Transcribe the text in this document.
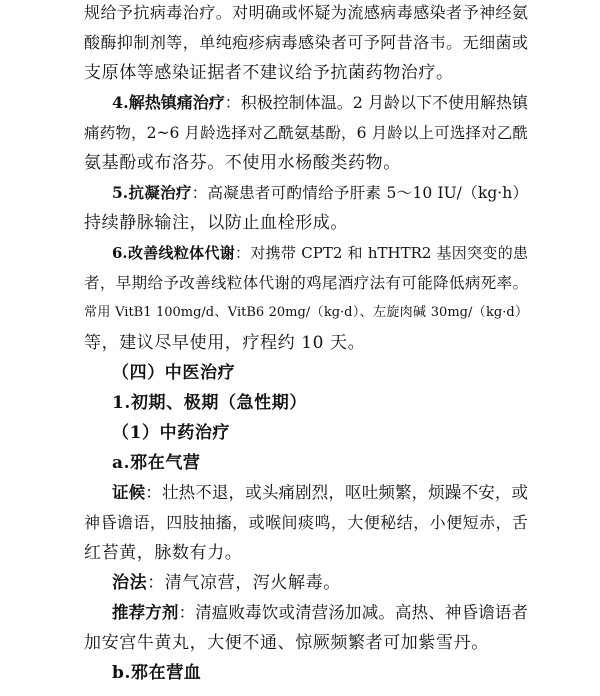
规给予抗病毒治疗。对明确或怀疑为流感病毒感染者予神经氨
酸酶抑制剂等，单纯疱疹病毒感染者可予阿昔洛韦。无细菌或
支原体等感染证据者不建议给予抗菌药物治疗。
4.解热镇痛治疗：积极控制体温。2 月龄以下不使用解热镇
痛药物，2~6 月龄选择对乙酰氨基酚，6 月龄以上可选择对乙酰
氨基酚或布洛芬。不使用水杨酸类药物。
5.抗凝治疗：高凝患者可酌情给予肝素 5～10 IU/（kg·h）
持续静脉输注，以防止血栓形成。
6.改善线粒体代谢：对携带 CPT2 和 hTHTR2 基因突变的患
者，早期给予改善线粒体代谢的鸡尾酒疗法有可能降低病死率。
常用 VitB1 100mg/d、VitB6 20mg/（kg·d）、左旋肉碱 30mg/（kg·d）
等，建议尽早使用，疗程约 10 天。
（四）中医治疗
1.初期、极期（急性期）
（1）中药治疗
a.邪在气营
证候：壮热不退，或头痛剧烈，呕吐频繁，烦躁不安，或
神昏谵语，四肢抽搐，或喉间痰鸣，大便秘结，小便短赤，舌
红苔黄，脉数有力。
治法：清气凉营，泻火解毒。
推荐方剂：清瘟败毒饮或清营汤加减。高热、神昏谵语者
加安宫牛黄丸，大便不通、惊厥频繁者可加紫雪丹。
b.邪在营血
